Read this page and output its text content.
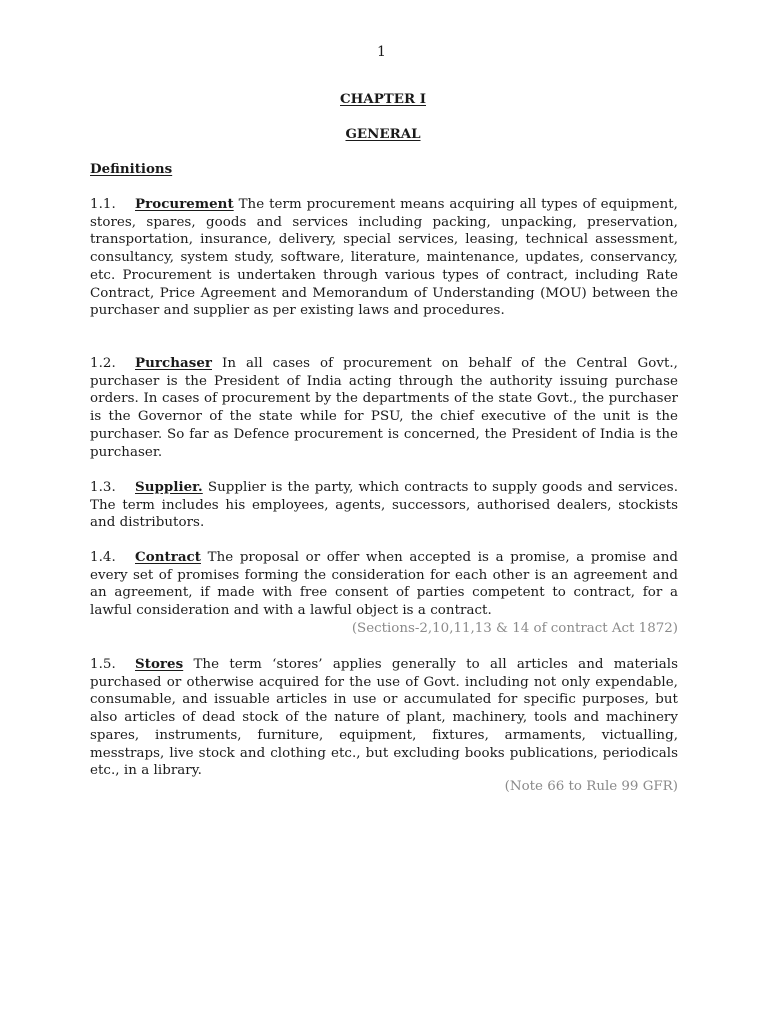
1
CHAPTER I
GENERAL
Definitions
1.1. Procurement The term procurement means acquiring all types of equipment, stores, spares, goods and services including packing, unpacking, preservation, transportation, insurance, delivery, special services, leasing, technical assessment, consultancy, system study, software, literature, maintenance, updates, conservancy, etc. Procurement is undertaken through various types of contract, including Rate Contract, Price Agreement and Memorandum of Understanding (MOU) between the purchaser and supplier as per existing laws and procedures.
1.2. Purchaser In all cases of procurement on behalf of the Central Govt., purchaser is the President of India acting through the authority issuing purchase orders. In cases of procurement by the departments of the state Govt., the purchaser is the Governor of the state while for PSU, the chief executive of the unit is the purchaser. So far as Defence procurement is concerned, the President of India is the purchaser.
1.3. Supplier. Supplier is the party, which contracts to supply goods and services. The term includes his employees, agents, successors, authorised dealers, stockists and distributors.
1.4. Contract The proposal or offer when accepted is a promise, a promise and every set of promises forming the consideration for each other is an agreement and an agreement, if made with free consent of parties competent to contract, for a lawful consideration and with a lawful object is a contract.
(Sections-2,10,11,13 & 14 of contract Act 1872)
1.5. Stores The term ‘stores’ applies generally to all articles and materials purchased or otherwise acquired for the use of Govt. including not only expendable, consumable, and issuable articles in use or accumulated for specific purposes, but also articles of dead stock of the nature of plant, machinery, tools and machinery spares, instruments, furniture, equipment, fixtures, armaments, victualling, messtraps, live stock and clothing etc., but excluding books publications, periodicals etc., in a library.
(Note 66 to Rule 99 GFR)
